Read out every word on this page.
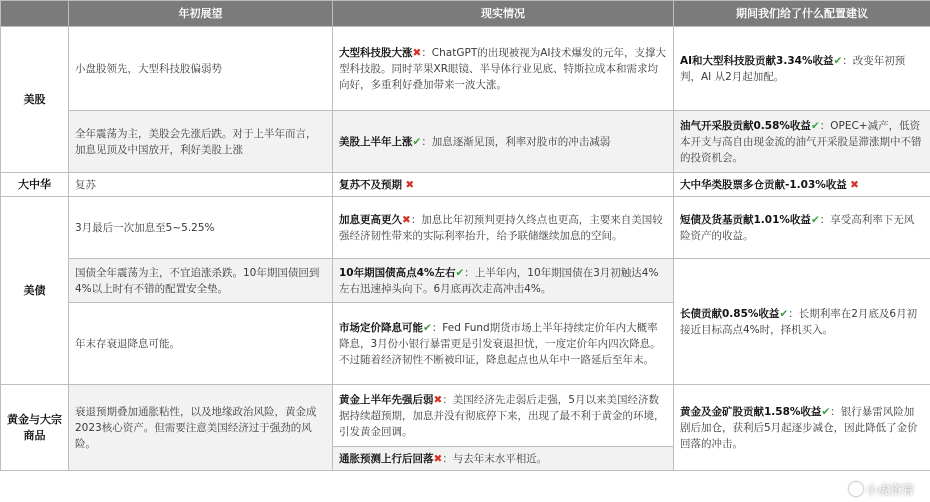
	年初展望	现实情况	期间我们给了什么配置建议
美股	小盘股领先，大型科技股偏弱势	大型科技股大涨✖：ChatGPT的出现被视为AI技术爆发的元年，支撑大型科技股。同时苹果XR眼镜、半导体行业见底、特斯拉成本和需求均向好，多重利好叠加带来一波大涨。	AI和大型科技股贡献3.34%收益✔：改变年初预判，AI 从2月起加配。
	全年震荡为主，美股会先涨后跌。对于上半年而言，加息见顶及中国放开，利好美股上涨	美股上半年上涨✔：加息逐渐见顶，利率对股市的冲击减弱	油气开采股贡献0.58%收益✔：OPEC+减产，低资本开支与高自由现金流的油气开采股是滞涨期中不错的投资机会。
大中华	复苏	复苏不及预期 ✖	大中华类股票多仓贡献-1.03%收益 ✖
美债	3月最后一次加息至5~5.25%	加息更高更久✖：加息比年初预判更持久终点也更高，主要来自美国较强经济韧性带来的实际利率抬升，给予联储继续加息的空间。	短债及货基贡献1.01%收益✔：享受高利率下无风险资产的收益。
	国债全年震荡为主，不宜追涨杀跌。10年期国债回到4%以上时有不错的配置安全垫。	10年期国债高点4%左右✔：上半年内，10年期国债在3月初触达4%左右迅速掉头向下。6月底再次走高冲击4%。	长债贡献0.85%收益✔：长期利率在2月底及6月初接近目标高点4%时，择机买入。
	年末存衰退降息可能。	市场定价降息可能✔：Fed Fund期货市场上半年持续定价年内大概率降息，3月份小银行暴雷更是引发衰退担忧，一度定价年内四次降息。不过随着经济韧性不断被印证，降息起点也从年中一路延后至年末。	
黄金与大宗商品	衰退预期叠加通胀粘性，以及地缘政治风险，黄金成2023核心资产。但需要注意美国经济过于强劲的风险。	黄金上半年先强后弱✖：美国经济先走弱后走强，5月以来美国经济数据持续超预期，加息并没有彻底停下来，出现了最不利于黄金的环境，引发黄金回调。	黄金及金矿股贡献1.58%收益✔：银行暴雷风险加剧后加仓，获利后5月起逐步减仓，因此降低了金价回落的冲击。
		通胀预测上行后回落✖：与去年末水平相近。	
小虎资管
